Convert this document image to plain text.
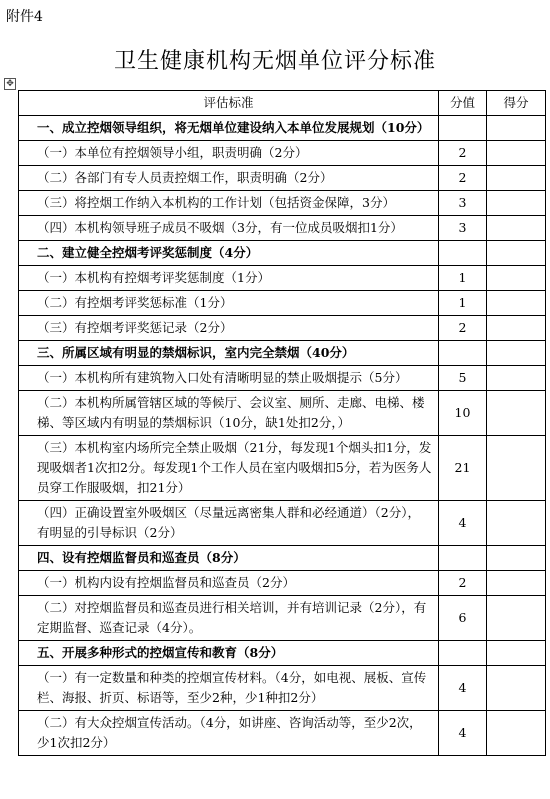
附件4
卫生健康机构无烟单位评分标准
✥
评估标准	分值	得分
一、成立控烟领导组织，将无烟单位建设纳入本单位发展规划（10分）		
（一）本单位有控烟领导小组，职责明确（2分）	2	
（二）各部门有专人员责控烟工作，职责明确（2分）	2	
（三）将控烟工作纳入本机构的工作计划（包括资金保障，3分）	3	
（四）本机构领导班子成员不吸烟（3分，有一位成员吸烟扣1分）	3	
二、建立健全控烟考评奖惩制度（4分）		
（一）本机构有控烟考评奖惩制度（1分）	1	
（二）有控烟考评奖惩标准（1分）	1	
（三）有控烟考评奖惩记录（2分）	2	
三、所属区域有明显的禁烟标识，室内完全禁烟（40分）		
（一）本机构所有建筑物入口处有清晰明显的禁止吸烟提示（5分）	5	
（二）本机构所属管辖区域的等候厅、会议室、厕所、走廊、电梯、楼梯、等区域内有明显的禁烟标识（10分，缺1处扣2分，）	10	
（三）本机构室内场所完全禁止吸烟（21分，每发现1个烟头扣1分，发现吸烟者1次扣2分。每发现1个工作人员在室内吸烟扣5分，若为医务人员穿工作服吸烟，扣21分）	21	
（四）正确设置室外吸烟区（尽量远离密集人群和必经通道）（2分），有明显的引导标识（2分）	4	
四、设有控烟监督员和巡查员（8分）		
（一）机构内设有控烟监督员和巡查员（2分）	2	
（二）对控烟监督员和巡查员进行相关培训，并有培训记录（2分），有定期监督、巡查记录（4分）。	6	
五、开展多种形式的控烟宣传和教育（8分）		
（一）有一定数量和种类的控烟宣传材料。（4分，如电视、展板、宣传栏、海报、折页、标语等，至少2种，少1种扣2分）	4	
（二）有大众控烟宣传活动。（4分，如讲座、咨询活动等，至少2次，少1次扣2分）	4	
